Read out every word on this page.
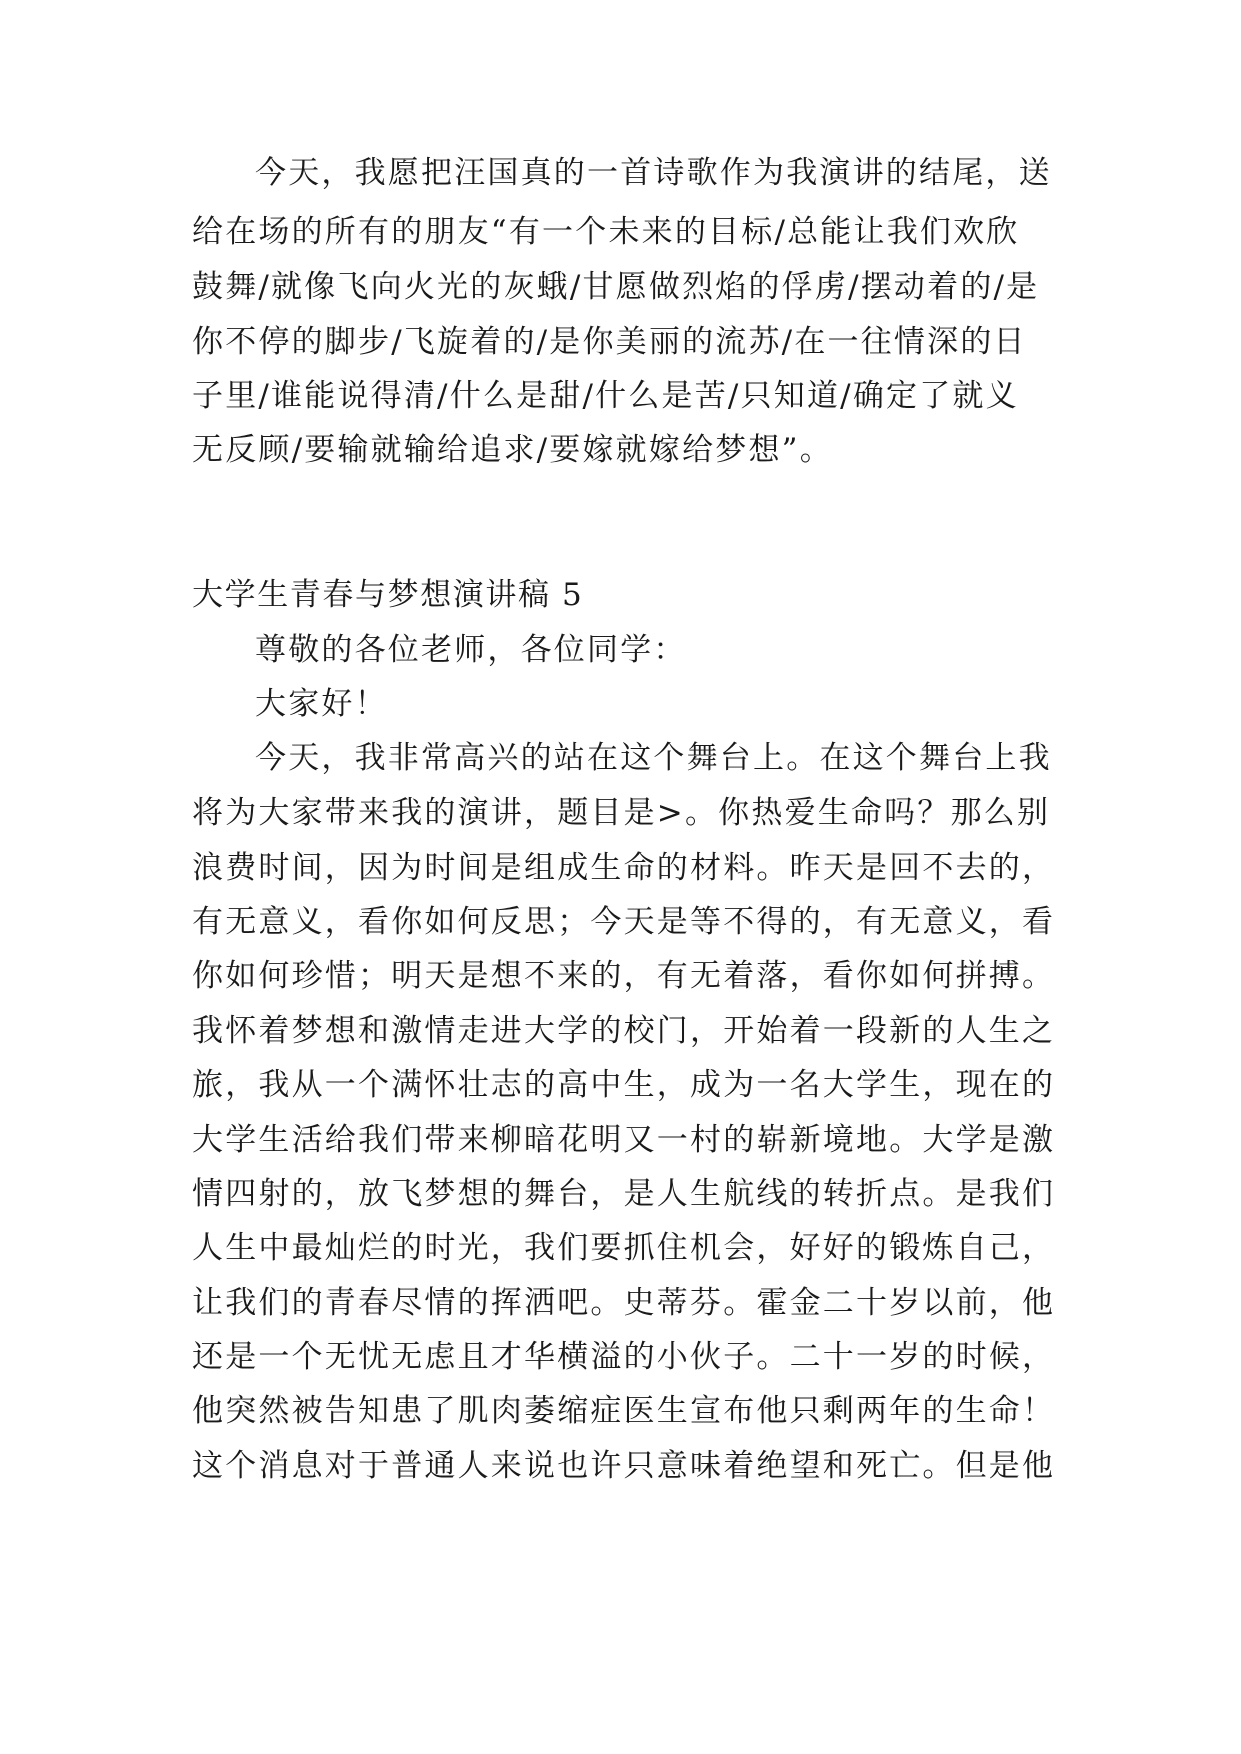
今天，我愿把汪国真的一首诗歌作为我演讲的结尾，送
给在场的所有的朋友“有一个未来的目标/总能让我们欢欣
鼓舞/就像飞向火光的灰蛾/甘愿做烈焰的俘虏/摆动着的/是
你不停的脚步/飞旋着的/是你美丽的流苏/在一往情深的日
子里/谁能说得清/什么是甜/什么是苦/只知道/确定了就义
无反顾/要输就输给追求/要嫁就嫁给梦想”。
大学生青春与梦想演讲稿 5
尊敬的各位老师，各位同学：
大家好！
今天，我非常高兴的站在这个舞台上。在这个舞台上我
将为大家带来我的演讲，题目是>。你热爱生命吗？那么别
浪费时间，因为时间是组成生命的材料。昨天是回不去的，
有无意义，看你如何反思；今天是等不得的，有无意义，看
你如何珍惜；明天是想不来的，有无着落，看你如何拼搏。
我怀着梦想和激情走进大学的校门，开始着一段新的人生之
旅，我从一个满怀壮志的高中生，成为一名大学生，现在的
大学生活给我们带来柳暗花明又一村的崭新境地。大学是激
情四射的，放飞梦想的舞台，是人生航线的转折点。是我们
人生中最灿烂的时光，我们要抓住机会，好好的锻炼自己，
让我们的青春尽情的挥洒吧。史蒂芬。霍金二十岁以前，他
还是一个无忧无虑且才华横溢的小伙子。二十一岁的时候，
他突然被告知患了肌肉萎缩症医生宣布他只剩两年的生命！
这个消息对于普通人来说也许只意味着绝望和死亡。但是他
